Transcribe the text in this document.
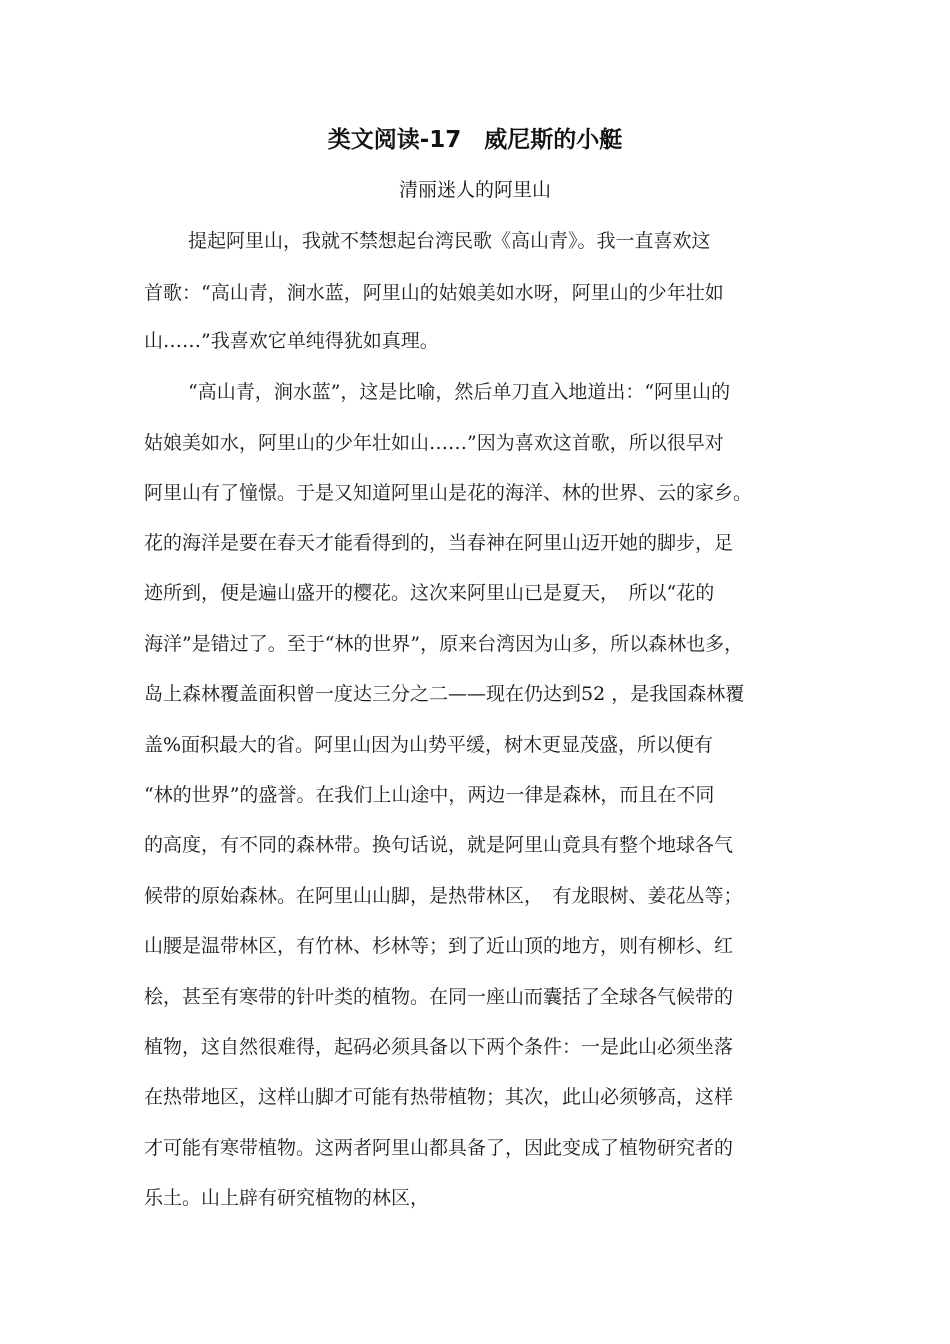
类文阅读-17　威尼斯的小艇
清丽迷人的阿里山
提起阿里山，我就不禁想起台湾民歌《高山青》。我一直喜欢这
首歌：“高山青，涧水蓝，阿里山的姑娘美如水呀，阿里山的少年壮如
山……”我喜欢它单纯得犹如真理。
“高山青，涧水蓝”，这是比喻，然后单刀直入地道出：“阿里山的
姑娘美如水，阿里山的少年壮如山……”因为喜欢这首歌，所以很早对
阿里山有了憧憬。于是又知道阿里山是花的海洋、林的世界、云的家乡。
花的海洋是要在春天才能看得到的，当春神在阿里山迈开她的脚步，足
迹所到，便是遍山盛开的樱花。这次来阿里山已是夏天，　所以“花的
海洋”是错过了。至于“林的世界”，原来台湾因为山多，所以森林也多，
岛上森林覆盖面积曾一度达三分之二——现在仍达到52 ，是我国森林覆
盖%面积最大的省。阿里山因为山势平缓，树木更显茂盛，所以便有
“林的世界”的盛誉。在我们上山途中，两边一律是森林，而且在不同
的高度，有不同的森林带。换句话说，就是阿里山竟具有整个地球各气
候带的原始森林。在阿里山山脚，是热带林区，　有龙眼树、姜花丛等；
山腰是温带林区，有竹林、杉林等；到了近山顶的地方，则有柳杉、红
桧，甚至有寒带的针叶类的植物。在同一座山而囊括了全球各气候带的
植物，这自然很难得，起码必须具备以下两个条件：一是此山必须坐落
在热带地区，这样山脚才可能有热带植物；其次，此山必须够高，这样
才可能有寒带植物。这两者阿里山都具备了，因此变成了植物研究者的
乐土。山上辟有研究植物的林区，
